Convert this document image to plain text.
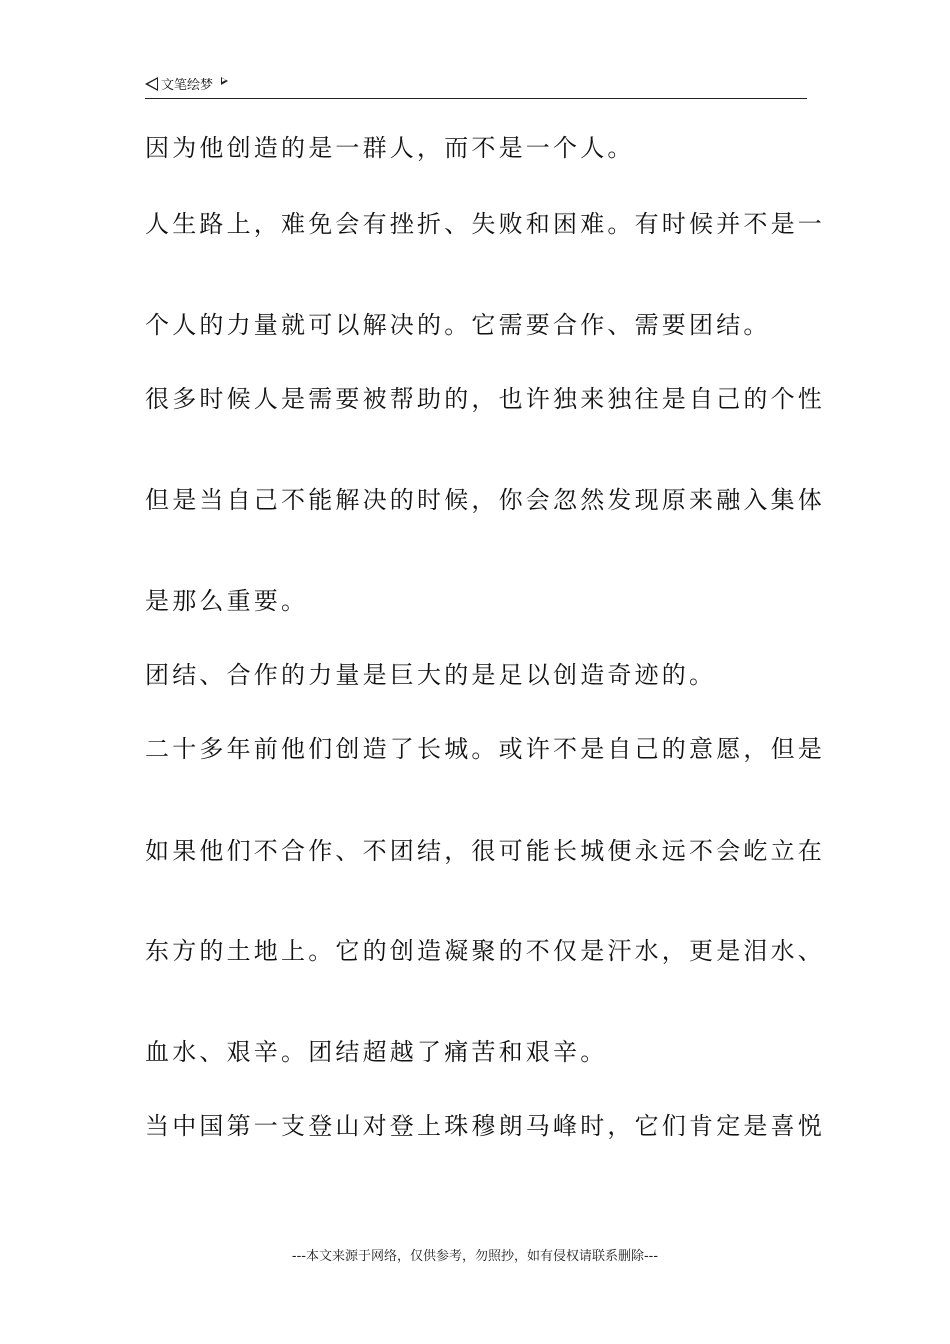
文笔绘梦
因为他创造的是一群人，而不是一个人。
人生路上，难免会有挫折、失败和困难。有时候并不是一
个人的力量就可以解决的。它需要合作、需要团结。
很多时候人是需要被帮助的，也许独来独往是自己的个性
但是当自己不能解决的时候，你会忽然发现原来融入集体
是那么重要。
团结、合作的力量是巨大的是足以创造奇迹的。
二十多年前他们创造了长城。或许不是自己的意愿，但是
如果他们不合作、不团结，很可能长城便永远不会屹立在
东方的土地上。它的创造凝聚的不仅是汗水，更是泪水、
血水、艰辛。团结超越了痛苦和艰辛。
当中国第一支登山对登上珠穆朗马峰时，它们肯定是喜悦
---本文来源于网络，仅供参考，勿照抄，如有侵权请联系删除---
